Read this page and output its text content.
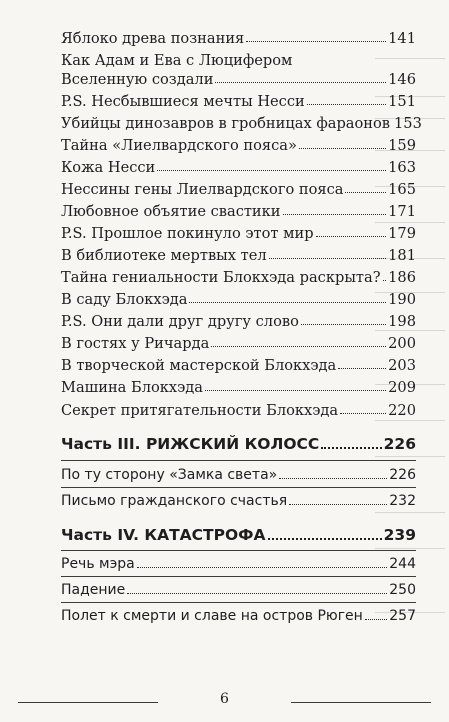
Яблоко древа познания	141
Как Адам и Ева с Люцифером
Вселенную создали	146
P.S. Несбывшиеся мечты Несси	151
Убийцы динозавров в гробницах фараонов 153
Тайна «Лиелвардского пояса»	159
Кожа Несси	163
Нессины гены Лиелвардского пояса	165
Любовное объятие свастики	171
P.S. Прошлое покинуло этот мир	179
В библиотеке мертвых тел	181
Тайна гениальности Блокхэда раскрыта? 186
В саду Блокхэда	190
P.S. Они дали друг другу слово	198
В гостях у Ричарда	200
В творческой мастерской Блокхэда	203
Машина Блокхэда	209
Секрет притягательности Блокхэда	220
Часть III. РИЖСКИЙ КОЛОСС	226
По ту сторону «Замка света»	226
Письмо гражданского счастья	232
Часть IV. КАТАСТРОФА	239
Речь мэра	244
Падение	250
Полет к смерти и славе на остров Рюген 257
6
